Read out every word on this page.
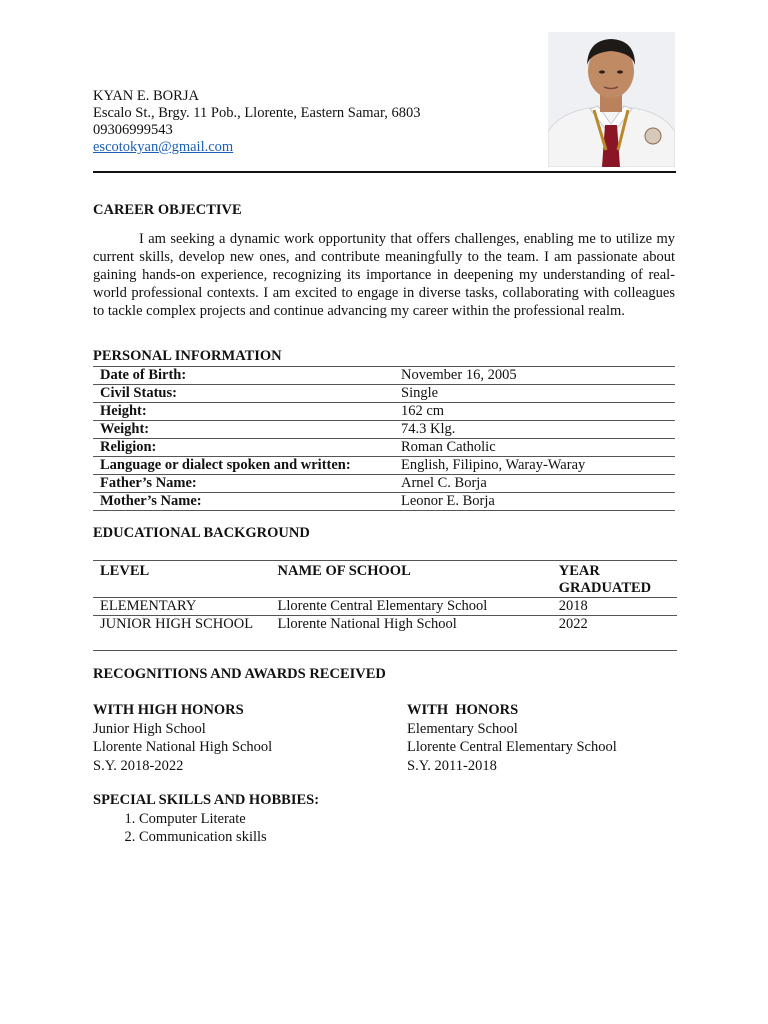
KYAN E. BORJA
Escalo St., Brgy. 11 Pob., Llorente, Eastern Samar, 6803
09306999543
escotokyan@gmail.com
CAREER OBJECTIVE
I am seeking a dynamic work opportunity that offers challenges, enabling me to utilize my current skills, develop new ones, and contribute meaningfully to the team. I am passionate about gaining hands-on experience, recognizing its importance in deepening my understanding of real-world professional contexts. I am excited to engage in diverse tasks, collaborating with colleagues to tackle complex projects and continue advancing my career within the professional realm.
PERSONAL INFORMATION
Date of Birth:	November 16, 2005
Civil Status:	Single
Height:	162 cm
Weight:	74.3 Klg.
Religion:	Roman Catholic
Language or dialect spoken and written:	English, Filipino, Waray-Waray
Father’s Name:	Arnel C. Borja
Mother’s Name:	Leonor E. Borja
EDUCATIONAL BACKGROUND
LEVEL	NAME OF SCHOOL	YEAR GRADUATED
ELEMENTARY	Llorente Central Elementary School	2018
JUNIOR HIGH SCHOOL	Llorente National High School	2022
RECOGNITIONS AND AWARDS RECEIVED
WITH HIGH HONORS
Junior High School
Llorente National High School
S.Y. 2018-2022
WITH  HONORS
Elementary School
Llorente Central Elementary School
S.Y. 2011-2018
SPECIAL SKILLS AND HOBBIES:
1. Computer Literate
2. Communication skills
